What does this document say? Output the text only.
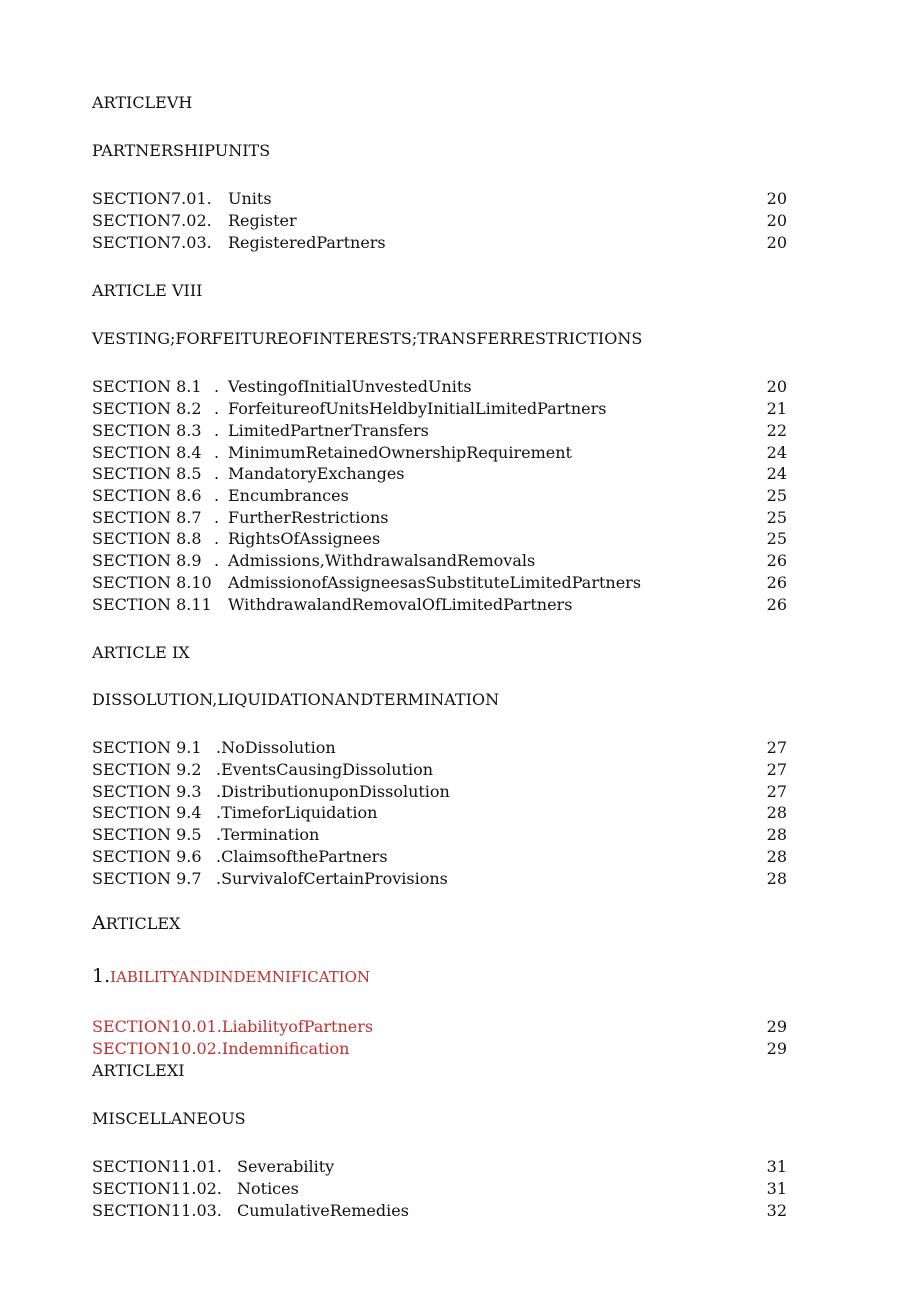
ARTICLEVH
PARTNERSHIPUNITS
SECTION7.01. Units	20
SECTION7.02. Register	20
SECTION7.03. RegisteredPartners	20
ARTICLE VIII
VESTING;FORFEITUREOFINTERESTS;TRANSFERRESTRICTIONS
SECTION 8.1 . VestingofInitialUnvestedUnits	20
SECTION 8.2 . ForfeitureofUnitsHeldbyInitialLimitedPartners	21
SECTION 8.3 . LimitedPartnerTransfers	22
SECTION 8.4 . MinimumRetainedOwnershipRequirement	24
SECTION 8.5 . MandatoryExchanges	24
SECTION 8.6 . Encumbrances	25
SECTION 8.7 . FurtherRestrictions	25
SECTION 8.8 . RightsOfAssignees	25
SECTION 8.9 . Admissions,WithdrawalsandRemovals	26
SECTION 8.10 AdmissionofAssigneesasSubstituteLimitedPartners	26
SECTION 8.11 WithdrawalandRemovalOfLimitedPartners	26
ARTICLE IX
DISSOLUTION,LIQUIDATIONANDTERMINATION
SECTION 9.1 .NoDissolution	27
SECTION 9.2 .EventsCausingDissolution	27
SECTION 9.3 .DistributionuponDissolution	27
SECTION 9.4 .TimeforLiquidation	28
SECTION 9.5 .Termination	28
SECTION 9.6 .ClaimsofthePartners	28
SECTION 9.7 .SurvivalofCertainProvisions	28
ARTICLEX
1.IABILITYANDINDEMNIFICATION
SECTION10.01.LiabilityofPartners	29
SECTION10.02.Indemnification	29
ARTICLEXI
MISCELLANEOUS
SECTION11.01. Severability	31
SECTION11.02. Notices	31
SECTION11.03. CumulativeRemedies	32
